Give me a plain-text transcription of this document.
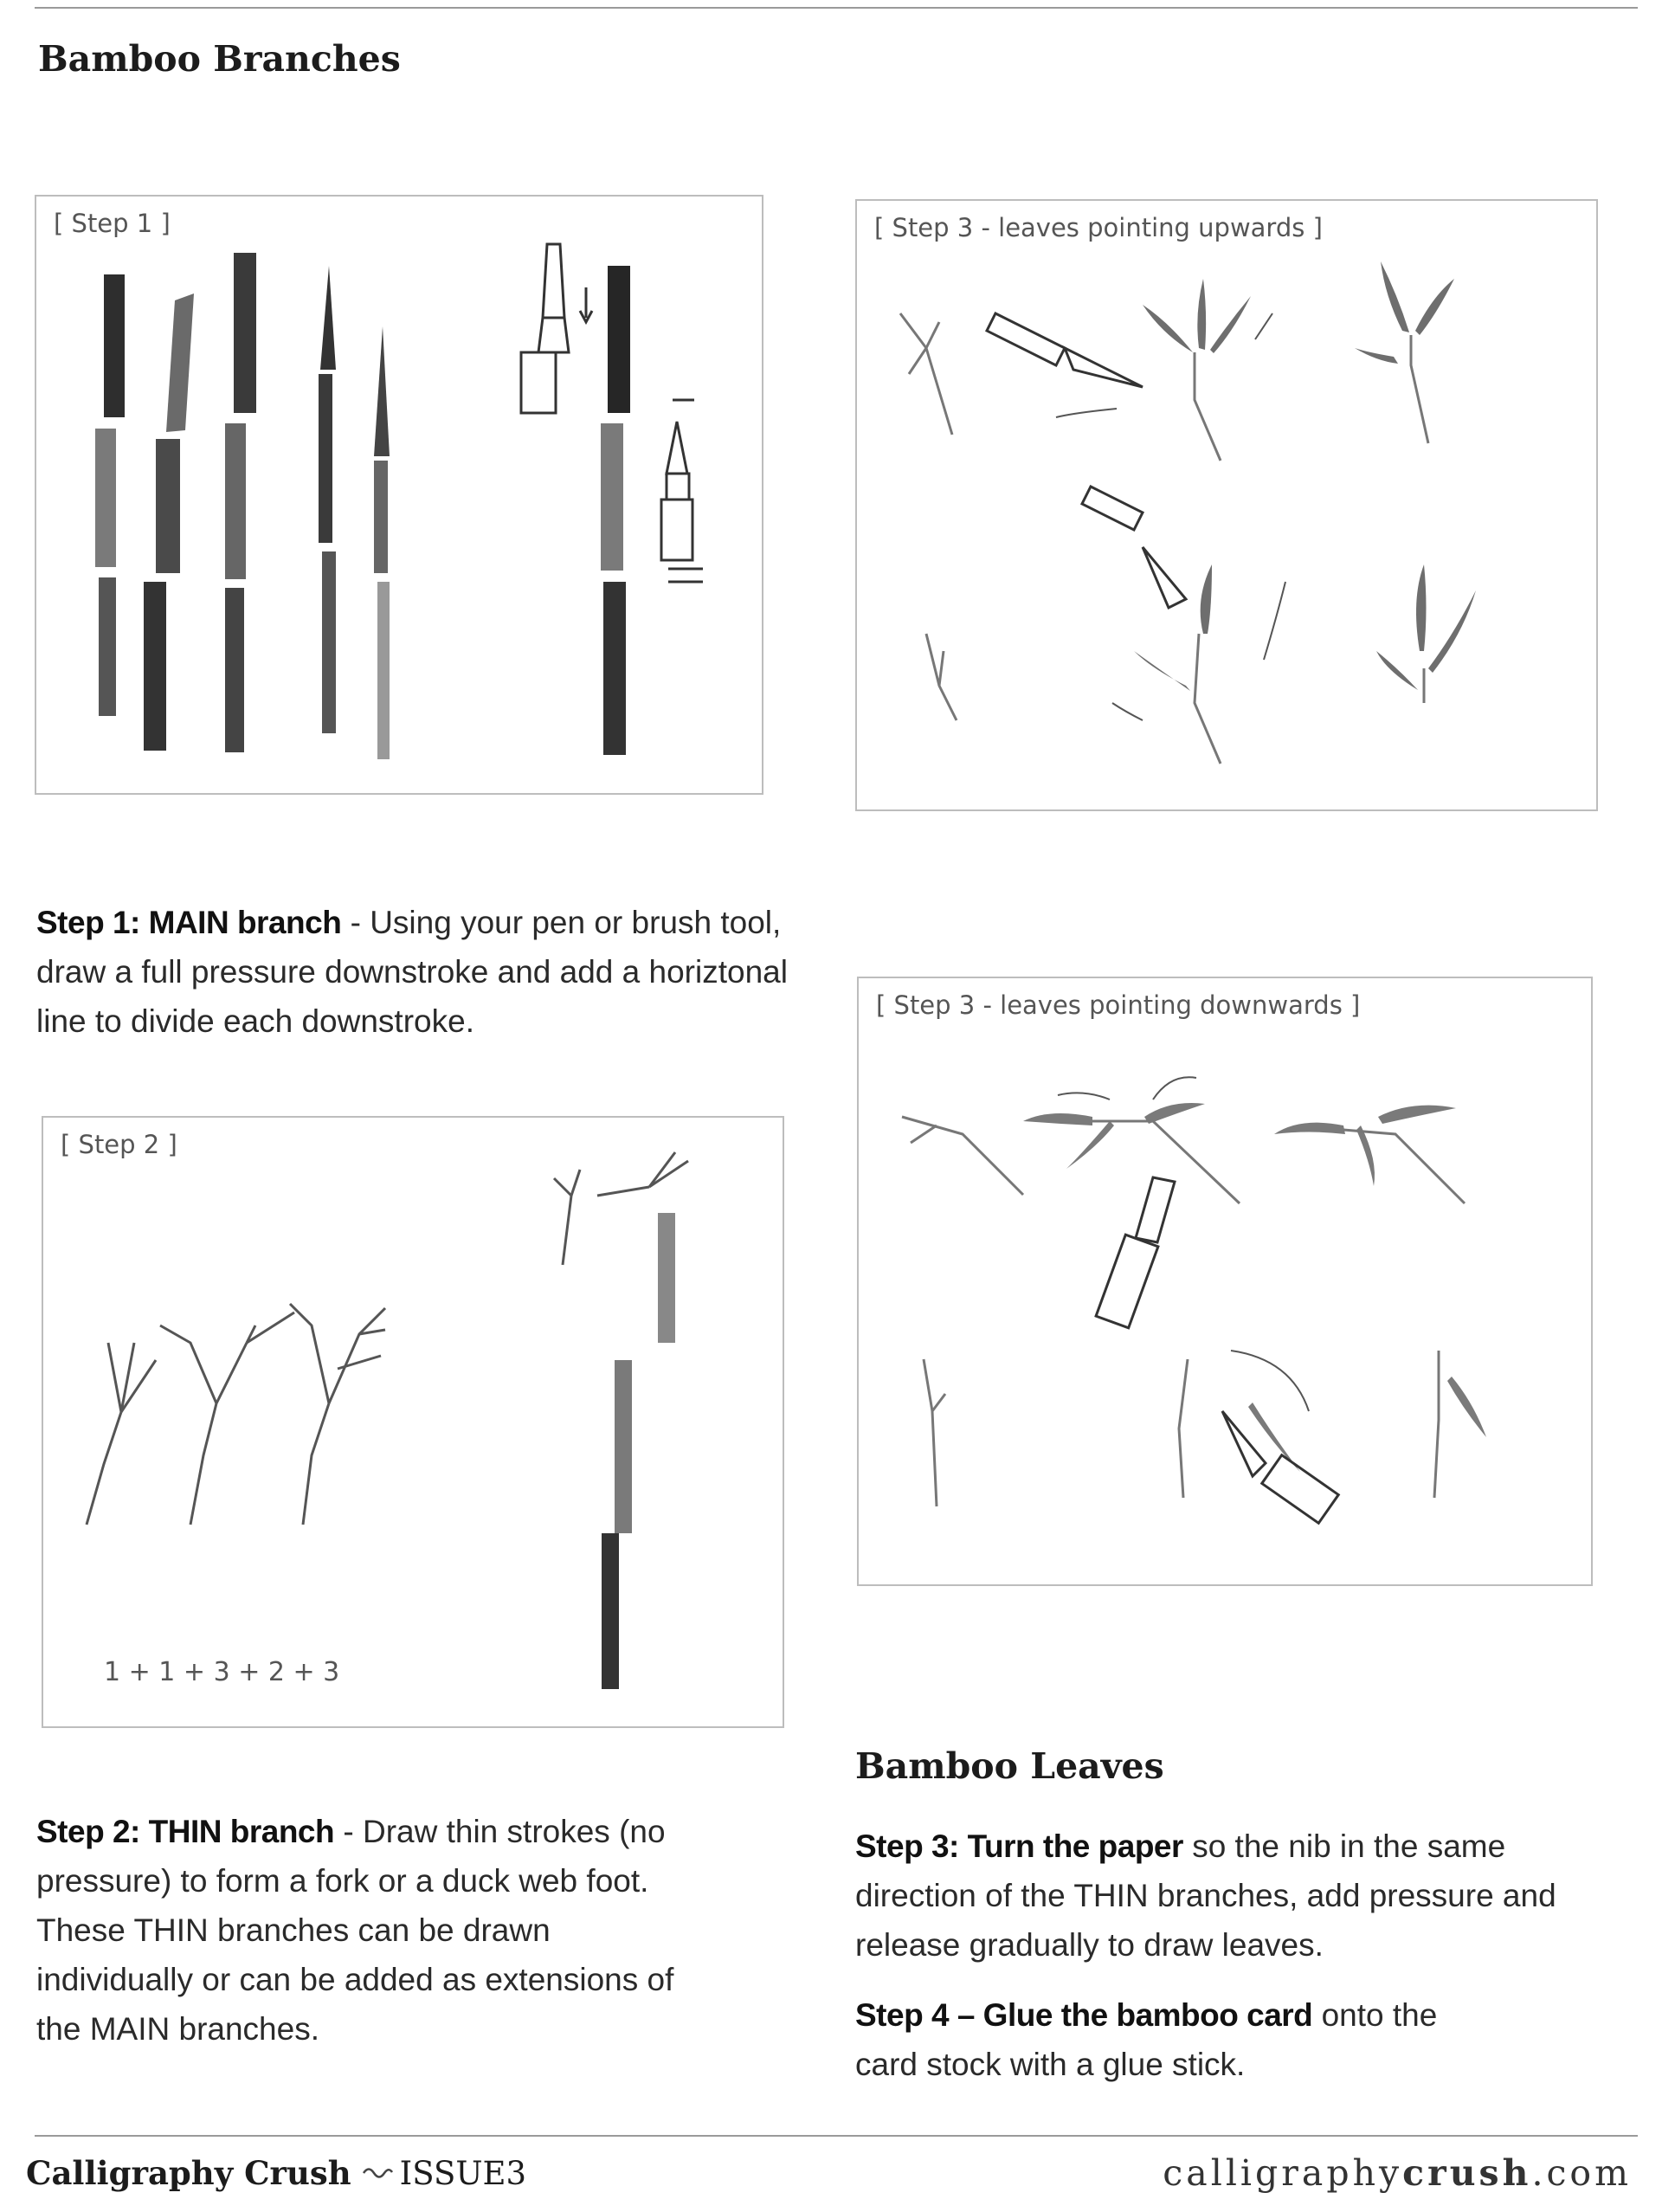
Bamboo Branches
[ Step 1 ]	[ Step 3 - leaves pointing upwards ]

Step 1: MAIN branch - Using your pen or brush tool, draw a full pressure downstroke and add a horiztonal line to divide each downstroke.	[ Step 3 - leaves pointing downwards ]
[ Step 2 ]
1 + 1 + 3 + 2 + 3
Bamboo Leaves

Step 2: THIN branch - Draw thin strokes (no pressure) to form a fork or a duck web foot. These THIN branches can be drawn individually or can be added as extensions of the MAIN branches.

Step 3: Turn the paper so the nib in the same direction of the THIN branches, add pressure and release gradually to draw leaves.

Step 4 – Glue the bamboo card onto the card stock with a glue stick.

Calligraphy Crush ISSUE3	calligraphycrush.com
